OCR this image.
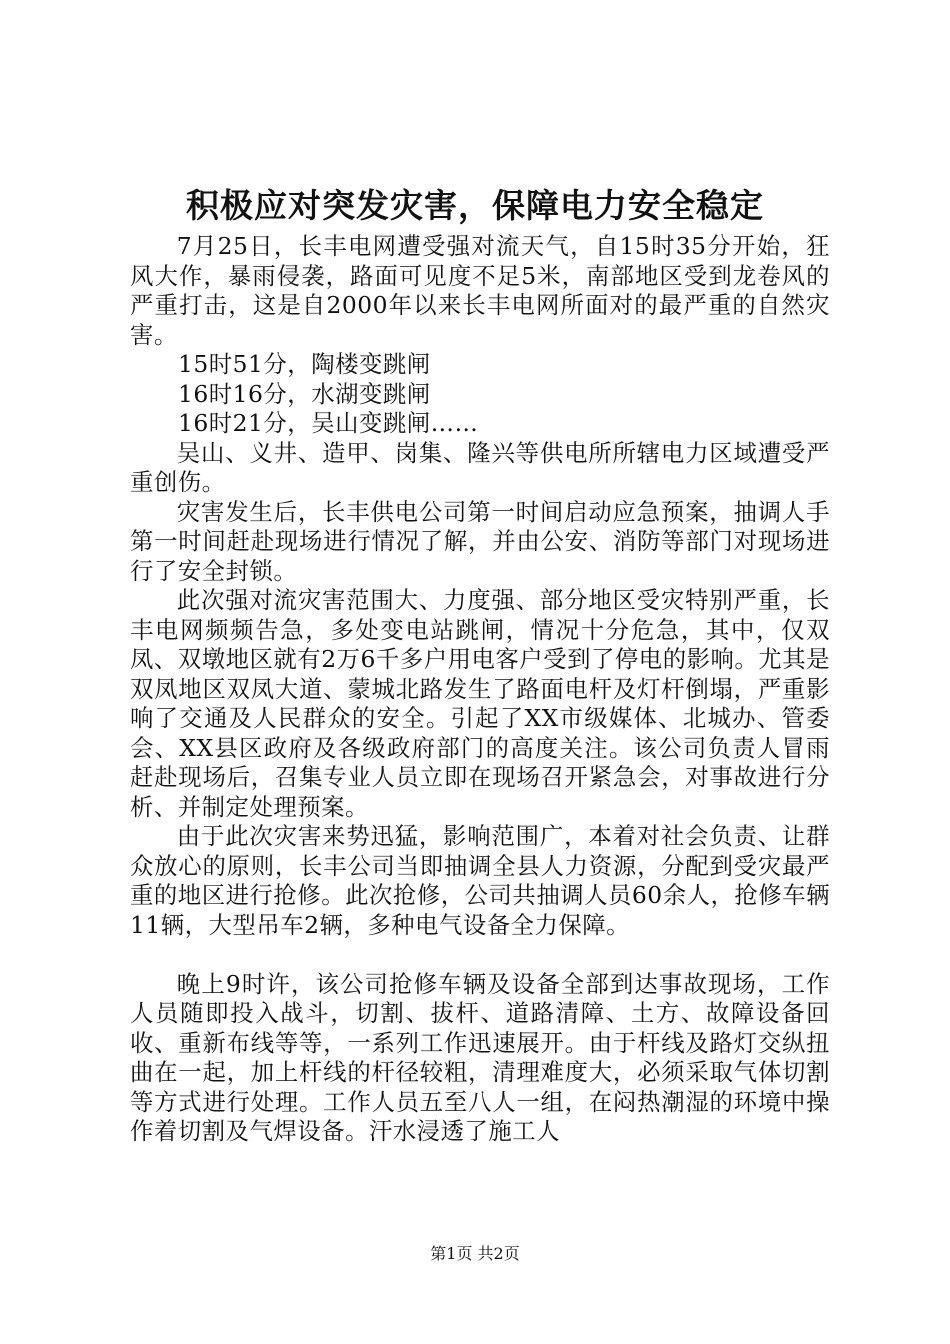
积极应对突发灾害，保障电力安全稳定

7月25日，长丰电网遭受强对流天气，自15时35分开始，狂风大作，暴雨侵袭，路面可见度不足5米，南部地区受到龙卷风的严重打击，这是自2000年以来长丰电网所面对的最严重的自然灾害。

15时51分，陶楼变跳闸

16时16分，水湖变跳闸

16时21分，吴山变跳闸……

吴山、义井、造甲、岗集、隆兴等供电所所辖电力区域遭受严重创伤。

灾害发生后，长丰供电公司第一时间启动应急预案，抽调人手第一时间赶赴现场进行情况了解，并由公安、消防等部门对现场进行了安全封锁。

此次强对流灾害范围大、力度强、部分地区受灾特别严重，长丰电网频频告急，多处变电站跳闸，情况十分危急，其中，仅双凤、双墩地区就有2万6千多户用电客户受到了停电的影响。尤其是双凤地区双凤大道、蒙城北路发生了路面电杆及灯杆倒塌，严重影响了交通及人民群众的安全。引起了XX市级媒体、北城办、管委会、XX县区政府及各级政府部门的高度关注。该公司负责人冒雨赶赴现场后，召集专业人员立即在现场召开紧急会，对事故进行分析、并制定处理预案。

由于此次灾害来势迅猛，影响范围广，本着对社会负责、让群众放心的原则，长丰公司当即抽调全县人力资源，分配到受灾最严重的地区进行抢修。此次抢修，公司共抽调人员60余人，抢修车辆11辆，大型吊车2辆，多种电气设备全力保障。

晚上9时许，该公司抢修车辆及设备全部到达事故现场，工作人员随即投入战斗，切割、拔杆、道路清障、土方、故障设备回收、重新布线等等，一系列工作迅速展开。由于杆线及路灯交纵扭曲在一起，加上杆线的杆径较粗，清理难度大，必须采取气体切割等方式进行处理。工作人员五至八人一组，在闷热潮湿的环境中操作着切割及气焊设备。汗水浸透了施工人

第1页 共2页
